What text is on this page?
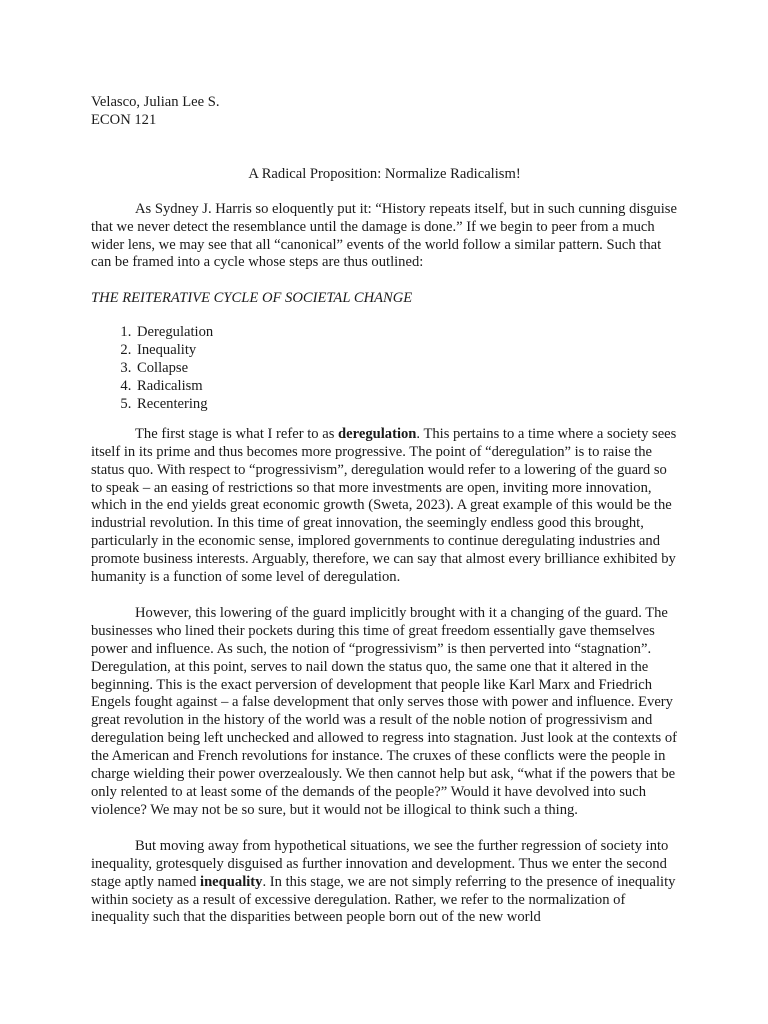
Velasco, Julian Lee S.

ECON 121

A Radical Proposition: Normalize Radicalism!

As Sydney J. Harris so eloquently put it: “History repeats itself, but in such cunning disguise that we never detect the resemblance until the damage is done.” If we begin to peer from a much wider lens, we may see that all “canonical” events of the world follow a similar pattern. Such that can be framed into a cycle whose steps are thus outlined:

THE REITERATIVE CYCLE OF SOCIETAL CHANGE
1. Deregulation
2. Inequality
3. Collapse
4. Radicalism
5. Recentering

The first stage is what I refer to as deregulation. This pertains to a time where a society sees itself in its prime and thus becomes more progressive. The point of “deregulation” is to raise the status quo. With respect to “progressivism”, deregulation would refer to a lowering of the guard so to speak – an easing of restrictions so that more investments are open, inviting more innovation, which in the end yields great economic growth (Sweta, 2023). A great example of this would be the industrial revolution. In this time of great innovation, the seemingly endless good this brought, particularly in the economic sense, implored governments to continue deregulating industries and promote business interests. Arguably, therefore, we can say that almost every brilliance exhibited by humanity is a function of some level of deregulation.

However, this lowering of the guard implicitly brought with it a changing of the guard. The businesses who lined their pockets during this time of great freedom essentially gave themselves power and influence. As such, the notion of “progressivism” is then perverted into “stagnation”. Deregulation, at this point, serves to nail down the status quo, the same one that it altered in the beginning. This is the exact perversion of development that people like Karl Marx and Friedrich Engels fought against – a false development that only serves those with power and influence. Every great revolution in the history of the world was a result of the noble notion of progressivism and deregulation being left unchecked and allowed to regress into stagnation. Just look at the contexts of the American and French revolutions for instance. The cruxes of these conflicts were the people in charge wielding their power overzealously. We then cannot help but ask, “what if the powers that be only relented to at least some of the demands of the people?” Would it have devolved into such violence? We may not be so sure, but it would not be illogical to think such a thing.

But moving away from hypothetical situations, we see the further regression of society into inequality, grotesquely disguised as further innovation and development. Thus we enter the second stage aptly named inequality. In this stage, we are not simply referring to the presence of inequality within society as a result of excessive deregulation. Rather, we refer to the normalization of inequality such that the disparities between people born out of the new world
